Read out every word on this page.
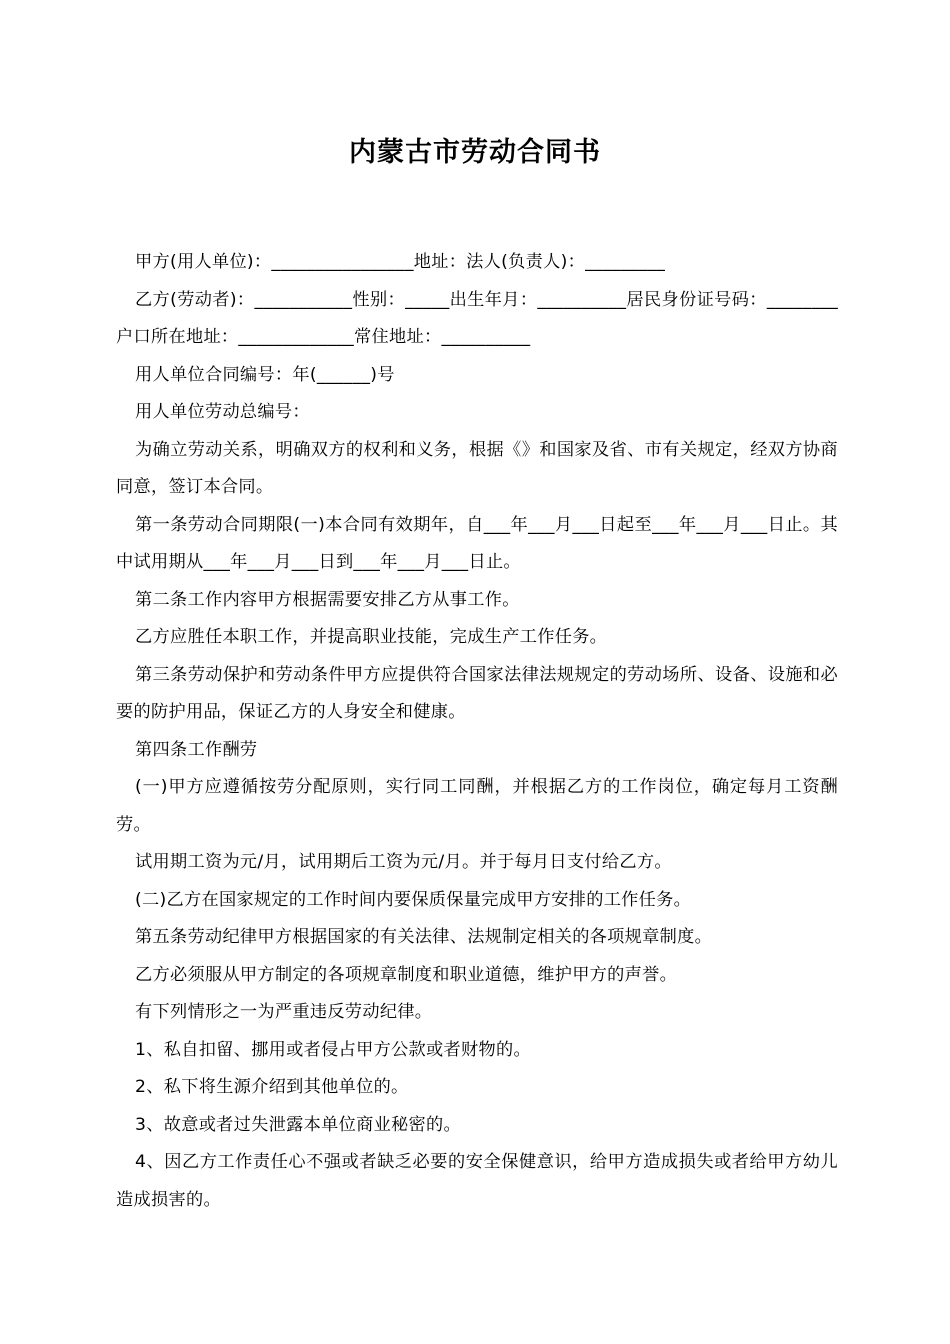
内蒙古市劳动合同书

甲方(用人单位)：________________地址：法人(负责人)：_________

乙方(劳动者)：___________性别：_____出生年月：__________居民身份证号码：________户口所在地址：_____________常住地址：__________

用人单位合同编号：年(______)号

用人单位劳动总编号：

为确立劳动关系，明确双方的权利和义务，根据《》和国家及省、市有关规定，经双方协商同意，签订本合同。

第一条劳动合同期限(一)本合同有效期年，自___年___月___日起至___年___月___日止。其中试用期从___年___月___日到___年___月___日止。

第二条工作内容甲方根据需要安排乙方从事工作。

乙方应胜任本职工作，并提高职业技能，完成生产工作任务。

第三条劳动保护和劳动条件甲方应提供符合国家法律法规规定的劳动场所、设备、设施和必要的防护用品，保证乙方的人身安全和健康。

第四条工作酬劳

(一)甲方应遵循按劳分配原则，实行同工同酬，并根据乙方的工作岗位，确定每月工资酬劳。

试用期工资为元/月，试用期后工资为元/月。并于每月日支付给乙方。

(二)乙方在国家规定的工作时间内要保质保量完成甲方安排的工作任务。

第五条劳动纪律甲方根据国家的有关法律、法规制定相关的各项规章制度。

乙方必须服从甲方制定的各项规章制度和职业道德，维护甲方的声誉。

有下列情形之一为严重违反劳动纪律。

1、私自扣留、挪用或者侵占甲方公款或者财物的。

2、私下将生源介绍到其他单位的。

3、故意或者过失泄露本单位商业秘密的。

4、因乙方工作责任心不强或者缺乏必要的安全保健意识，给甲方造成损失或者给甲方幼儿造成损害的。
